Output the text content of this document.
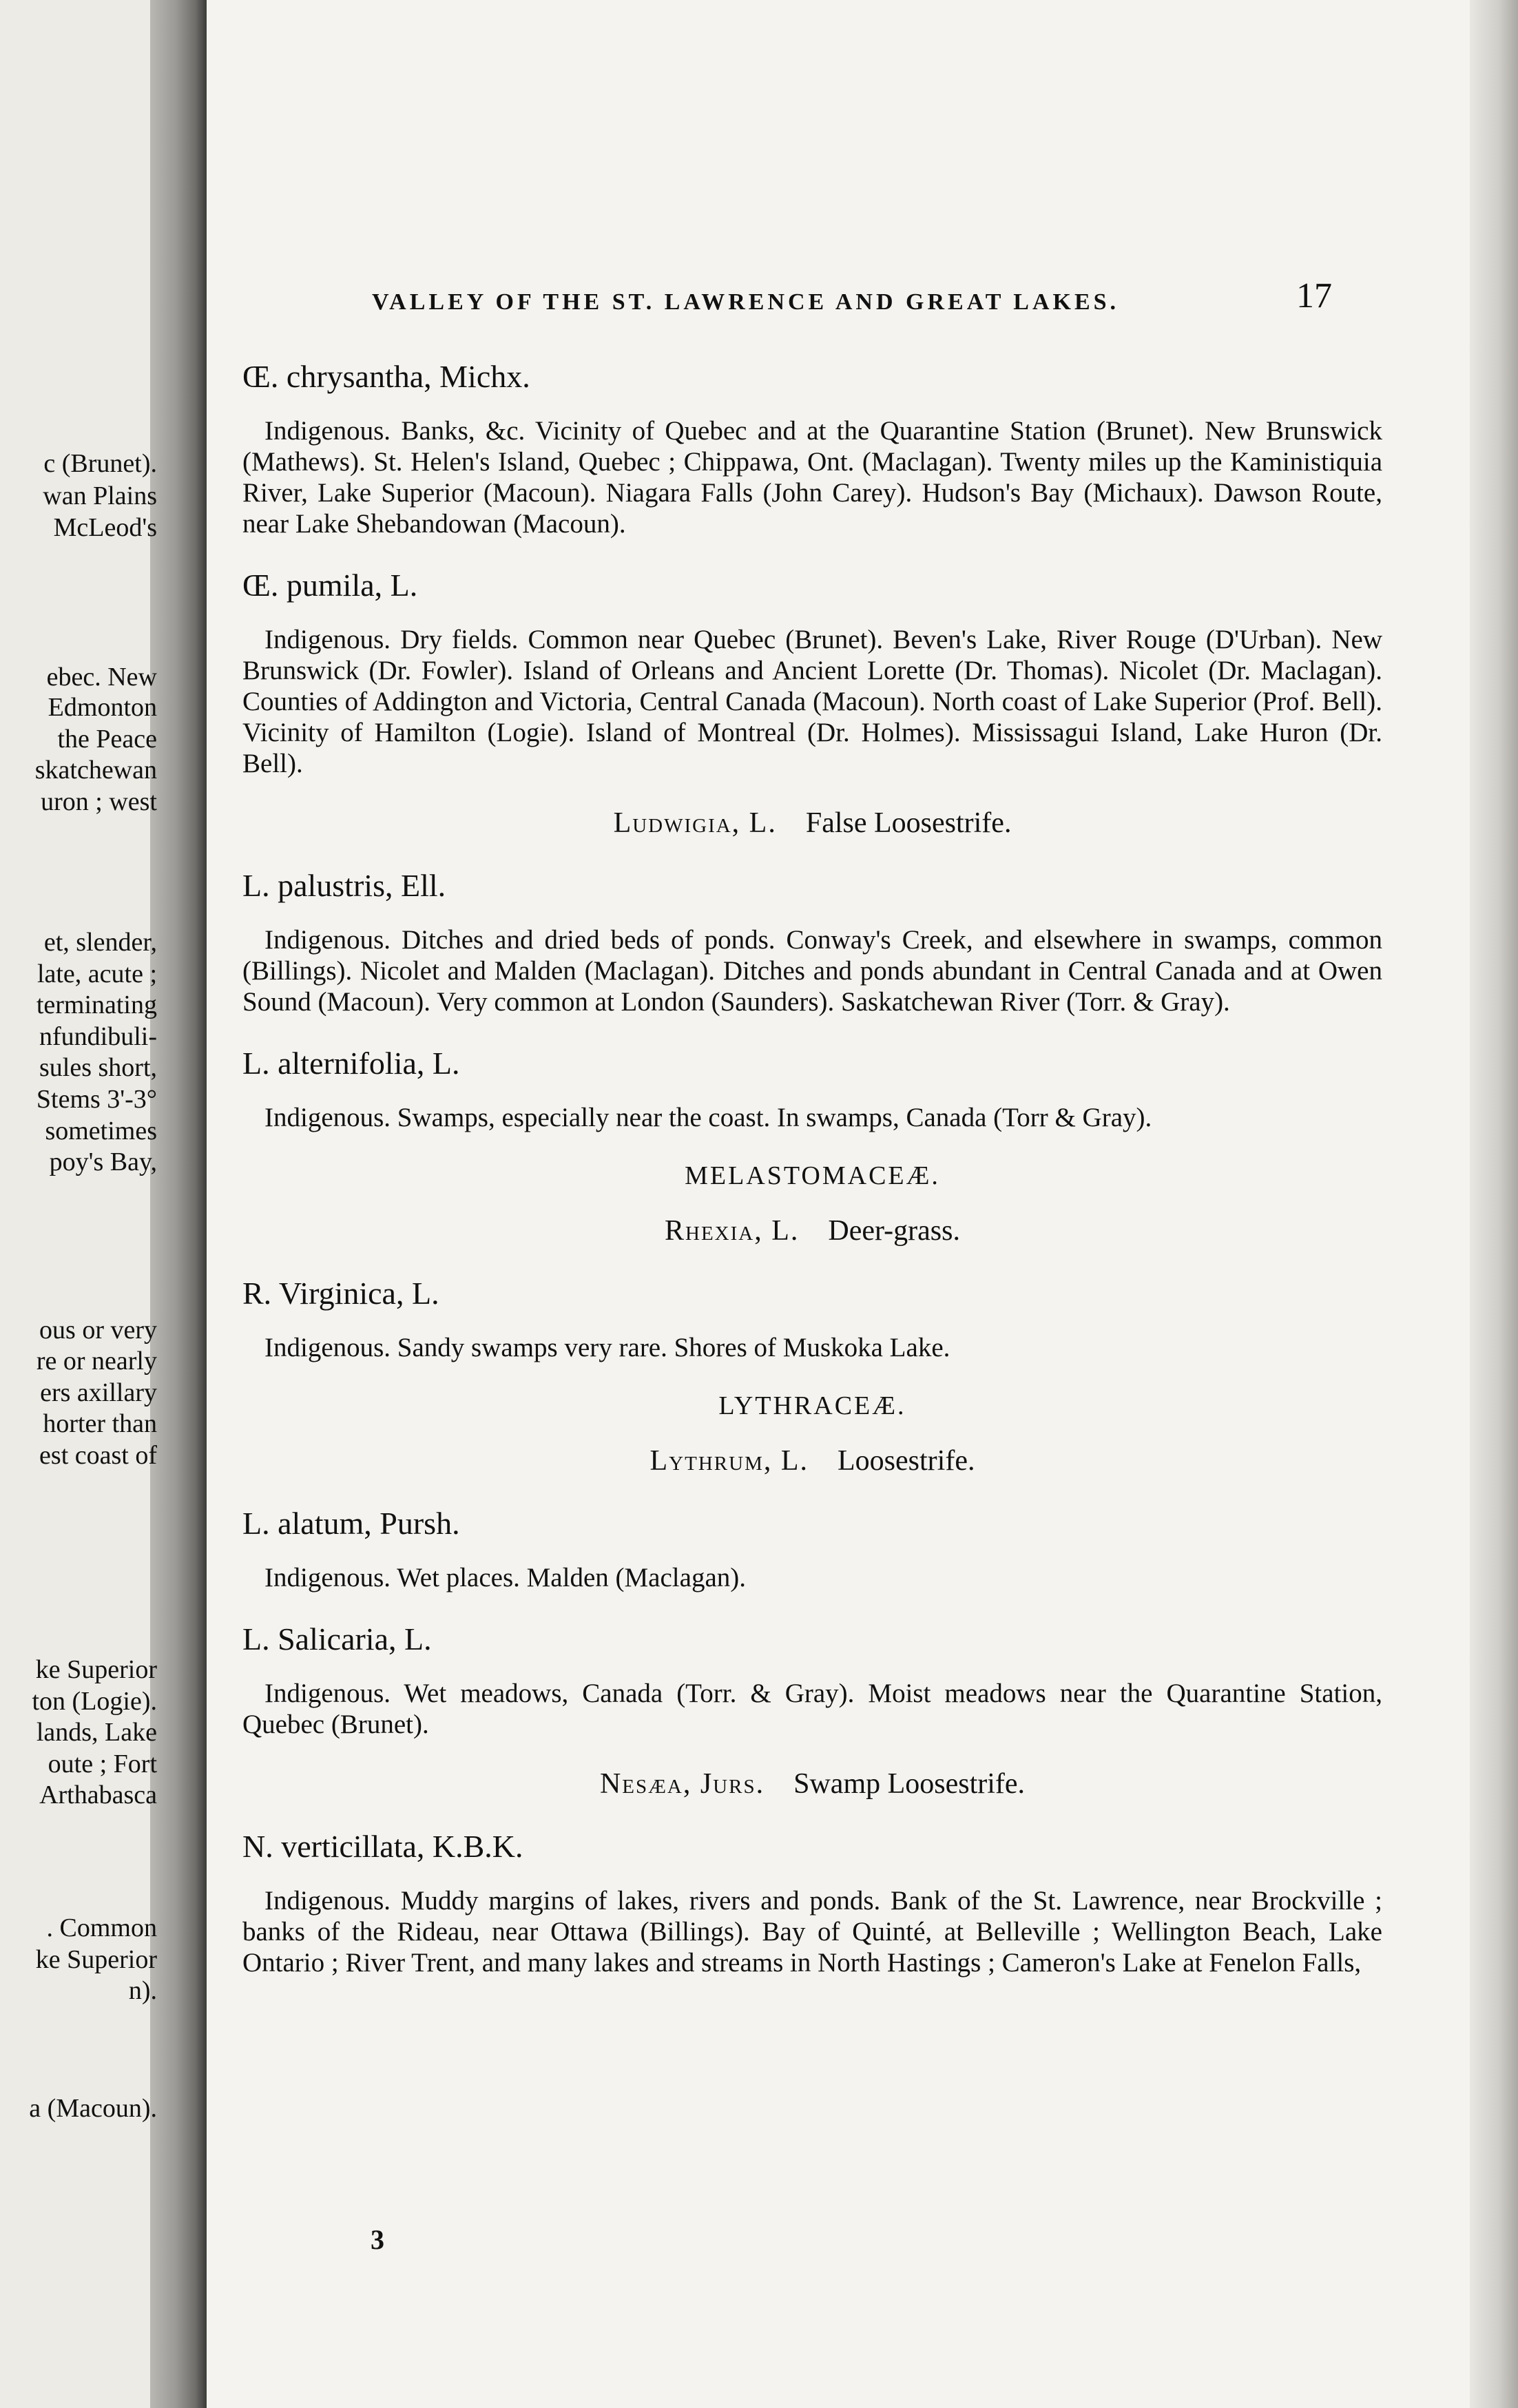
c (Brunet).
wan Plains
McLeod's
ebec. New
Edmonton
the Peace
skatchewan
uron ; west
et, slender,
late, acute ;
terminating
nfundibuli-
sules short,
Stems 3'-3°
sometimes
poy's Bay,
ous or very
re or nearly
ers axillary
horter than
est coast of
ke Superior
ton (Logie).
lands, Lake
oute ; Fort
Arthabasca
. Common
ke Superior
n).
a (Macoun).
VALLEY OF THE ST. LAWRENCE AND GREAT LAKES.	17

Œ. chrysantha, Michx.

Indigenous. Banks, &c. Vicinity of Quebec and at the Quarantine Station (Brunet). New Brunswick (Mathews). St. Helen's Island, Quebec ; Chippawa, Ont. (Maclagan). Twenty miles up the Kaministiquia River, Lake Superior (Macoun). Niagara Falls (John Carey). Hudson's Bay (Michaux). Dawson Route, near Lake Shebandowan (Macoun).

Œ. pumila, L.

Indigenous. Dry fields. Common near Quebec (Brunet). Beven's Lake, River Rouge (D'Urban). New Brunswick (Dr. Fowler). Island of Orleans and Ancient Lorette (Dr. Thomas). Nicolet (Dr. Maclagan). Counties of Addington and Victoria, Central Canada (Macoun). North coast of Lake Superior (Prof. Bell). Vicinity of Hamilton (Logie). Island of Montreal (Dr. Holmes). Mississagui Island, Lake Huron (Dr. Bell).

Ludwigia, L.  False Loosestrife.

L. palustris, Ell.

Indigenous. Ditches and dried beds of ponds. Conway's Creek, and elsewhere in swamps, common (Billings). Nicolet and Malden (Maclagan). Ditches and ponds abundant in Central Canada and at Owen Sound (Macoun). Very common at London (Saunders). Saskatchewan River (Torr. & Gray).

L. alternifolia, L.

Indigenous. Swamps, especially near the coast. In swamps, Canada (Torr & Gray).

MELASTOMACEÆ.
Rhexia, L.  Deer-grass.

R. Virginica, L.

Indigenous. Sandy swamps very rare. Shores of Muskoka Lake.

LYTHRACEÆ.
Lythrum, L.  Loosestrife.

L. alatum, Pursh.

Indigenous. Wet places. Malden (Maclagan).

L. Salicaria, L.

Indigenous. Wet meadows, Canada (Torr. & Gray). Moist meadows near the Quarantine Station, Quebec (Brunet).

Nesæa, Jurs.  Swamp Loosestrife.

N. verticillata, K.B.K.

Indigenous. Muddy margins of lakes, rivers and ponds. Bank of the St. Lawrence, near Brockville ; banks of the Rideau, near Ottawa (Billings). Bay of Quinté, at Belleville ; Wellington Beach, Lake Ontario ; River Trent, and many lakes and streams in North Hastings ; Cameron's Lake at Fenelon Falls,

3
